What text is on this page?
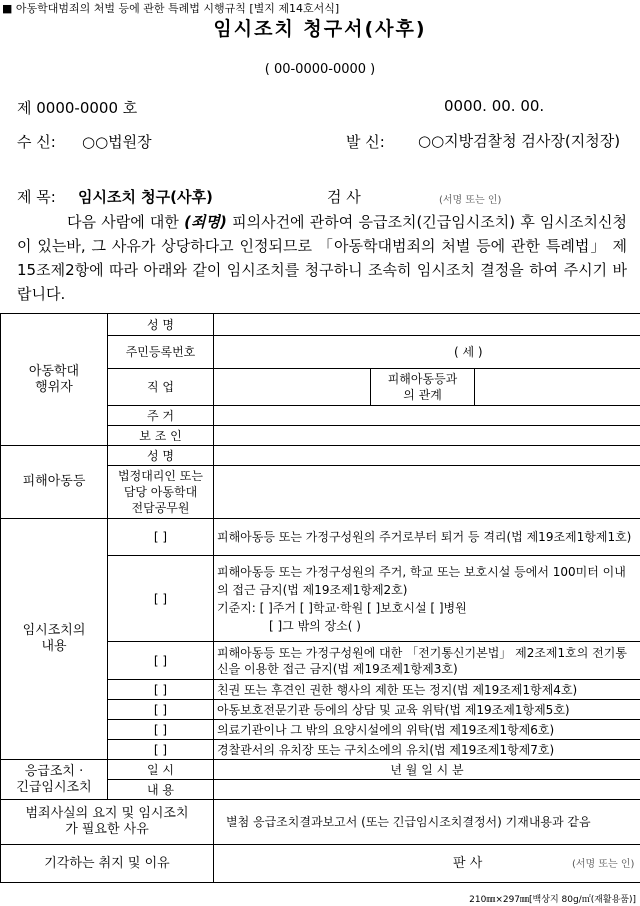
■ 아동학대범죄의 처벌 등에 관한 특례법 시행규칙 [별지 제14호서식]
임시조치 청구서(사후)
( 00-0000-0000 )
제 0000-0000 호	0000. 00. 00.
수 신: ○○법원장	발 신:	○○지방검찰청 검사장(지청장)
제 목: 임시조치 청구(사후)	검 사	(서명 또는 인)
다음 사람에 대한 (죄명) 피의사건에 관하여 응급조치(긴급임시조치) 후 임시조치신청이 있는바, 그 사유가 상당하다고 인정되므로 「아동학대범죄의 처벌 등에 관한 특례법」 제15조제2항에 따라 아래와 같이 임시조치를 청구하니 조속히 임시조치 결정을 하여 주시기 바랍니다.
아동학대
행위자	성 명			
	주민등록번호	( 세 )		
	직 업		피해아동등과
의 관계	
	주 거			
	보 조 인			
피해아동등	성 명			
	법정대리인 또는
담당 아동학대
전담공무원			
임시조치의
내용	[ ]	피해아동등 또는 가정구성원의 주거로부터 퇴거 등 격리(법 제19조제1항제1호)		
	[ ]	피해아동등 또는 가정구성원의 주거, 학교 또는 보호시설 등에서 100미터 이내의 접근 금지(법 제19조제1항제2호)
기준지: [ ]주거 [ ]학교·학원 [ ]보호시설 [ ]병원
[ ]그 밖의 장소( )		

	[ ]	피해아동등 또는 가정구성원에 대한 「전기통신기본법」 제2조제1호의 전기통신을 이용한 접근 금지(법 제19조제1항제3호)		
	[ ]	친권 또는 후견인 권한 행사의 제한 또는 정지(법 제19조제1항제4호)		
	[ ]	아동보호전문기관 등에의 상담 및 교육 위탁(법 제19조제1항제5호)		
	[ ]	의료기관이나 그 밖의 요양시설에의 위탁(법 제19조제1항제6호)		
	[ ]	경찰관서의 유치장 또는 구치소에의 유치(법 제19조제1항제7호)		
응급조치 ·
긴급임시조치	일 시	년 월 일 시 분		
	내 용			
범죄사실의 요지 및 임시조치
가 필요한 사유		별첨 응급조치결과보고서 (또는 긴급임시조치결정서) 기재내용과 같음		
기각하는 취지 및 이유		판 사 (서명 또는 인)		
210㎜×297㎜[백상지 80g/㎡(재활용품)]
